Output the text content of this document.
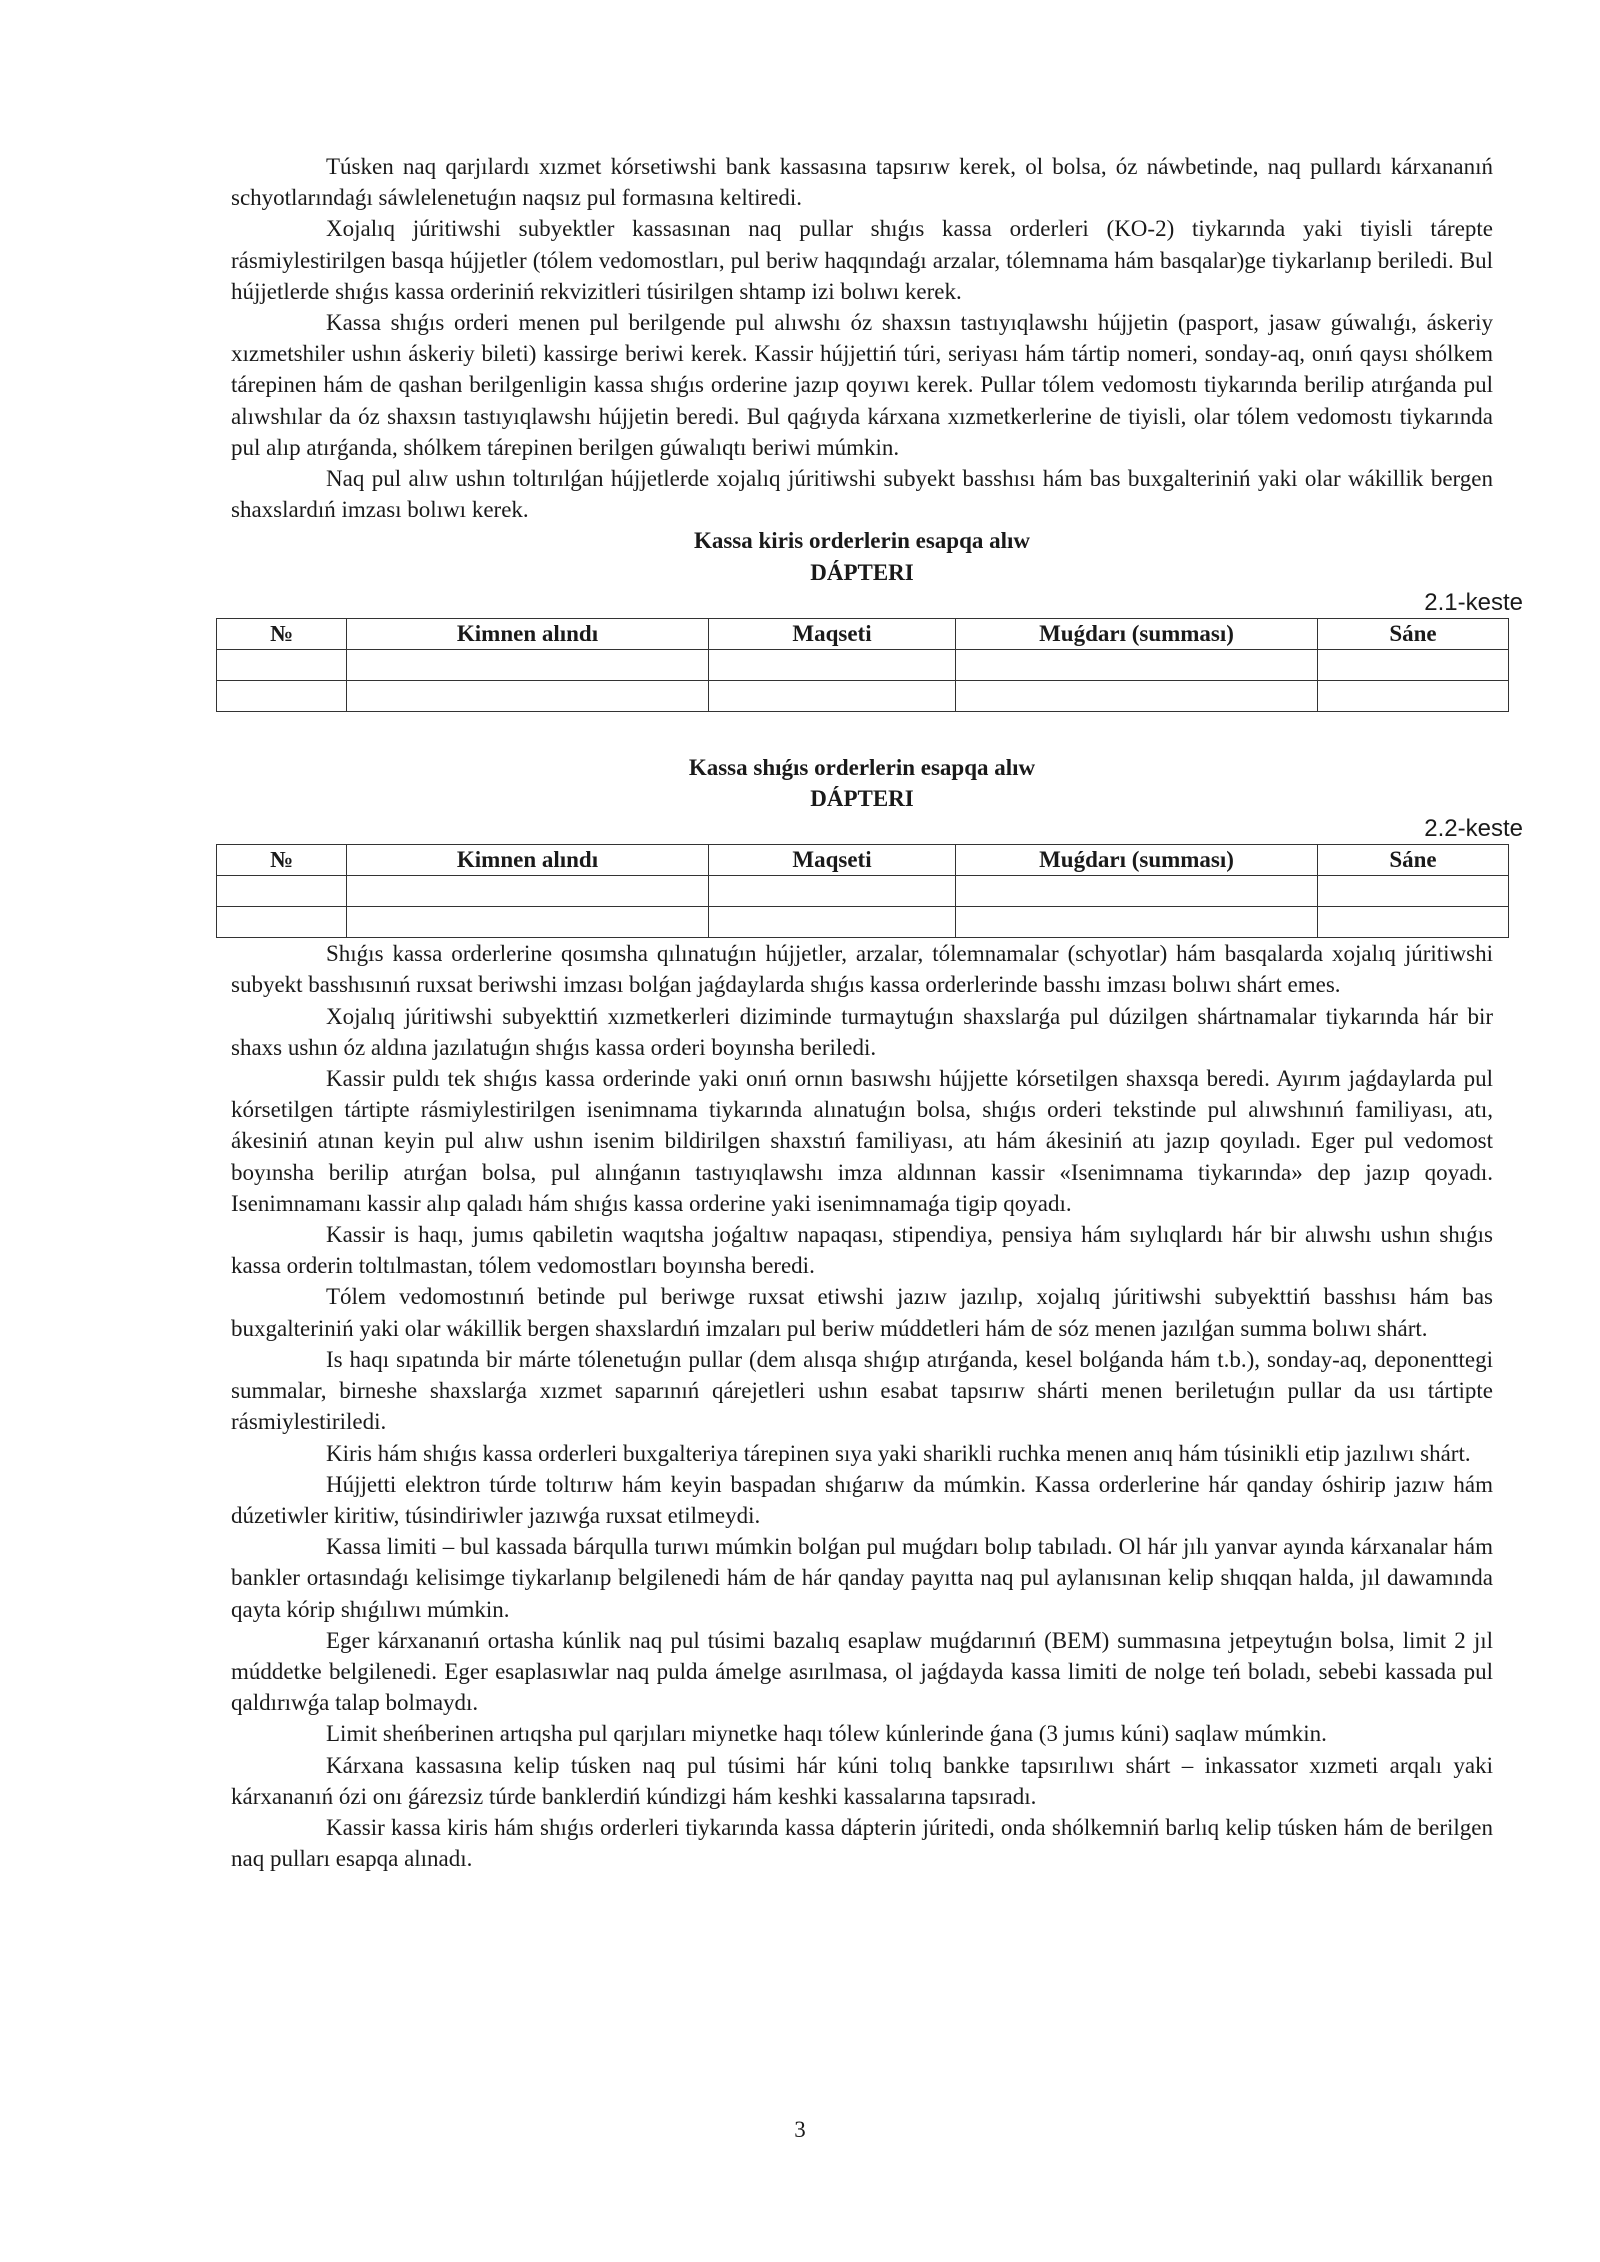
Túsken naq qarjılardı xızmet kórsetiwshi bank kassasına tapsırıw kerek, ol bolsa, óz náwbetinde, naq pullardı kárxananıń schyotlarındaǵı sáwlelenetuǵın naqsız pul formasına keltiredi.

Xojalıq júritiwshi subyektler kassasınan naq pullar shıǵıs kassa orderleri (KO-2) tiykarında yaki tiyisli tárepte rásmiylestirilgen basqa hújjetler (tólem vedomostları, pul beriw haqqındaǵı arzalar, tólemnama hám basqalar)ge tiykarlanıp beriledi. Bul hújjetlerde shıǵıs kassa orderiniń rekvizitleri túsirilgen shtamp izi bolıwı kerek.

Kassa shıǵıs orderi menen pul berilgende pul alıwshı óz shaxsın tastıyıqlawshı hújjetin (pasport, jasaw gúwalıǵı, áskeriy xızmetshiler ushın áskeriy bileti) kassirge beriwi kerek. Kassir hújjettiń túri, seriyası hám tártip nomeri, sonday-aq, onıń qaysı shólkem tárepinen hám de qashan berilgenligin kassa shıǵıs orderine jazıp qoyıwı kerek. Pullar tólem vedomostı tiykarında berilip atırǵanda pul alıwshılar da óz shaxsın tastıyıqlawshı hújjetin beredi. Bul qaǵıyda kárxana xızmetkerlerine de tiyisli, olar tólem vedomostı tiykarında pul alıp atırǵanda, shólkem tárepinen berilgen gúwalıqtı beriwi múmkin.

Naq pul alıw ushın toltırılǵan hújjetlerde xojalıq júritiwshi subyekt basshısı hám bas buxgalteriniń yaki olar wákillik bergen shaxslardıń imzası bolıwı kerek.

Kassa kiris orderlerin esapqa alıw

DÁPTERI

2.1-keste

№	Kimnen alındı	Maqseti	Muǵdarı (summası)	Sáne

Kassa shıǵıs orderlerin esapqa alıw

DÁPTERI

2.2-keste

№	Kimnen alındı	Maqseti	Muǵdarı (summası)	Sáne

Shıǵıs kassa orderlerine qosımsha qılınatuǵın hújjetler, arzalar, tólemnamalar (schyotlar) hám basqalarda xojalıq júritiwshi subyekt basshısınıń ruxsat beriwshi imzası bolǵan jaǵdaylarda shıǵıs kassa orderlerinde basshı imzası bolıwı shárt emes.

Xojalıq júritiwshi subyekttiń xızmetkerleri diziminde turmaytuǵın shaxslarǵa pul dúzilgen shártnamalar tiykarında hár bir shaxs ushın óz aldına jazılatuǵın shıǵıs kassa orderi boyınsha beriledi.

Kassir puldı tek shıǵıs kassa orderinde yaki onıń ornın basıwshı hújjette kórsetilgen shaxsqa beredi. Ayırım jaǵdaylarda pul kórsetilgen tártipte rásmiylestirilgen isenimnama tiykarında alınatuǵın bolsa, shıǵıs orderi tekstinde pul alıwshınıń familiyası, atı, ákesiniń atınan keyin pul alıw ushın isenim bildirilgen shaxstıń familiyası, atı hám ákesiniń atı jazıp qoyıladı. Eger pul vedomost boyınsha berilip atırǵan bolsa, pul alınǵanın tastıyıqlawshı imza aldınnan kassir «Isenimnama tiykarında» dep jazıp qoyadı. Isenimnamanı kassir alıp qaladı hám shıǵıs kassa orderine yaki isenimnamaǵa tigip qoyadı.

Kassir is haqı, jumıs qabiletin waqıtsha joǵaltıw napaqası, stipendiya, pensiya hám sıylıqlardı hár bir alıwshı ushın shıǵıs kassa orderin toltılmastan, tólem vedomostları boyınsha beredi.

Tólem vedomostınıń betinde pul beriwge ruxsat etiwshi jazıw jazılıp, xojalıq júritiwshi subyekttiń basshısı hám bas buxgalteriniń yaki olar wákillik bergen shaxslardıń imzaları pul beriw múddetleri hám de sóz menen jazılǵan summa bolıwı shárt.

Is haqı sıpatında bir márte tólenetuǵın pullar (dem alısqa shıǵıp atırǵanda, kesel bolǵanda hám t.b.), sonday-aq, deponenttegi summalar, birneshe shaxslarǵa xızmet saparınıń qárejetleri ushın esabat tapsırıw shárti menen beriletuǵın pullar da usı tártipte rásmiylestiriledi.

Kiris hám shıǵıs kassa orderleri buxgalteriya tárepinen sıya yaki sharikli ruchka menen anıq hám túsinikli etip jazılıwı shárt.

Hújjetti elektron túrde toltırıw hám keyin baspadan shıǵarıw da múmkin. Kassa orderlerine hár qanday óshirip jazıw hám dúzetiwler kiritiw, túsindiriwler jazıwǵa ruxsat etilmeydi.

Kassa limiti – bul kassada bárqulla turıwı múmkin bolǵan pul muǵdarı bolıp tabıladı. Ol hár jılı yanvar ayında kárxanalar hám bankler ortasındaǵı kelisimge tiykarlanıp belgilenedi hám de hár qanday payıtta naq pul aylanısınan kelip shıqqan halda, jıl dawamında qayta kórip shıǵılıwı múmkin.

Eger kárxananıń ortasha kúnlik naq pul túsimi bazalıq esaplaw muǵdarınıń (BEM) summasına jetpeytuǵın bolsa, limit 2 jıl múddetke belgilenedi. Eger esaplasıwlar naq pulda ámelge asırılmasa, ol jaǵdayda kassa limiti de nolge teń boladı, sebebi kassada pul qaldırıwǵa talap bolmaydı.

Limit sheńberinen artıqsha pul qarjıları miynetke haqı tólew kúnlerinde ǵana (3 jumıs kúni) saqlaw múmkin.

Kárxana kassasına kelip túsken naq pul túsimi hár kúni tolıq bankke tapsırılıwı shárt – inkassator xızmeti arqalı yaki kárxananıń ózi onı ǵárezsiz túrde banklerdiń kúndizgi hám keshki kassalarına tapsıradı.

Kassir kassa kiris hám shıǵıs orderleri tiykarında kassa dápterin júritedi, onda shólkemniń barlıq kelip túsken hám de berilgen naq pulları esapqa alınadı.

3
